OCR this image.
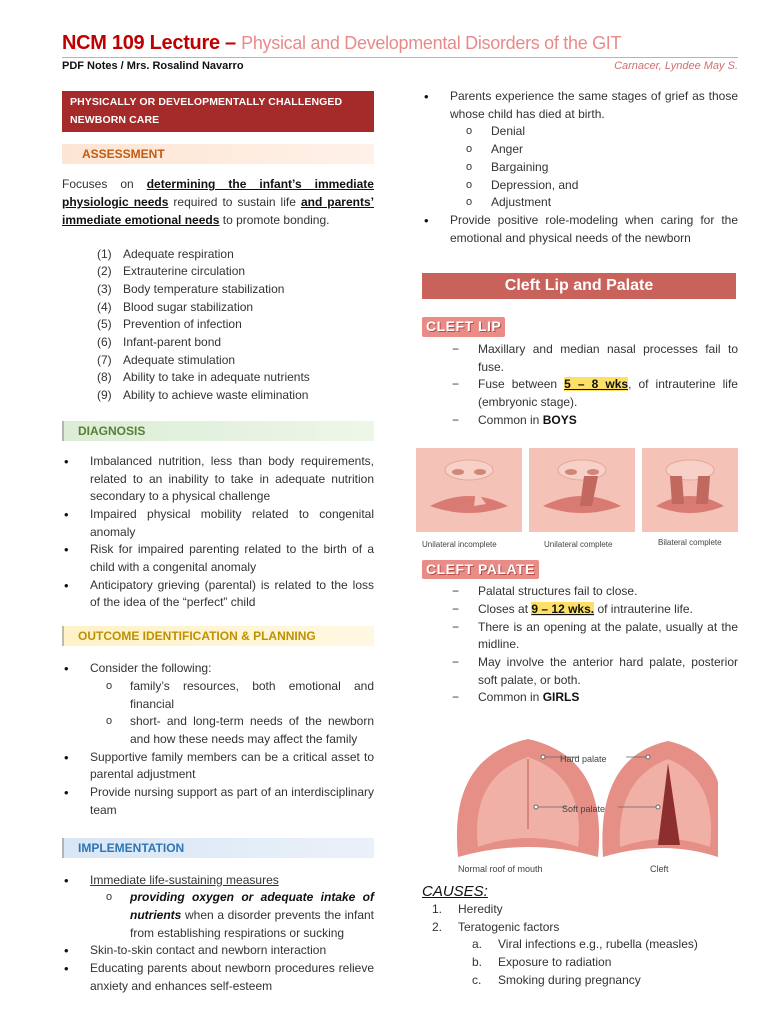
NCM 109 Lecture – Physical and Developmental Disorders of the GIT
PDF Notes / Mrs. Rosalind Navarro	Carnacer, Lyndee May S.
PHYSICALLY OR DEVELOPMENTALLY CHALLENGED NEWBORN CARE
ASSESSMENT

Focuses on determining the infant’s immediate physiologic needs required to sustain life and parents’ immediate emotional needs to promote bonding.

(1) Adequate respiration
(2) Extrauterine circulation
(3) Body temperature stabilization
(4) Blood sugar stabilization
(5) Prevention of infection
(6) Infant-parent bond
(7) Adequate stimulation
(8) Ability to take in adequate nutrients
(9) Ability to achieve waste elimination
DIAGNOSIS
• Imbalanced nutrition, less than body requirements, related to an inability to take in adequate nutrition secondary to a physical challenge
• Impaired physical mobility related to congenital anomaly
• Risk for impaired parenting related to the birth of a child with a congenital anomaly
• Anticipatory grieving (parental) is related to the loss of the idea of the “perfect” child
OUTCOME IDENTIFICATION & PLANNING
• Consider the following:
o family’s resources, both emotional and financial
o short- and long-term needs of the newborn and how these needs may affect the family
• Supportive family members can be a critical asset to parental adjustment
• Provide nursing support as part of an interdisciplinary team
IMPLEMENTATION
• Immediate life-sustaining measures
o providing oxygen or adequate intake of nutrients when a disorder prevents the infant from establishing respirations or sucking
• Skin-to-skin contact and newborn interaction
• Educating parents about newborn procedures relieve anxiety and enhances self-esteem
• Parents experience the same stages of grief as those whose child has died at birth.
o Denial
o Anger
o Bargaining
o Depression, and
o Adjustment
• Provide positive role-modeling when caring for the emotional and physical needs of the newborn
Cleft Lip and Palate
CLEFT LIP
− Maxillary and median nasal processes fail to fuse.
− Fuse between 5 – 8 wks, of intrauterine life (embryonic stage).
− Common in BOYS
Unilateral incomplete	Unilateral complete	Bilateral complete
CLEFT PALATE
− Palatal structures fail to close.
− Closes at 9 – 12 wks. of intrauterine life.
− There is an opening at the palate, usually at the midline.
− May involve the anterior hard palate, posterior soft palate, or both.
− Common in GIRLS
Hard palate
Soft palate
Normal roof of mouth	Cleft
CAUSES:
1.	Heredity
2.	Teratogenic factors
a.	Viral infections e.g., rubella (measles)
b.	Exposure to radiation
c.	Smoking during pregnancy
